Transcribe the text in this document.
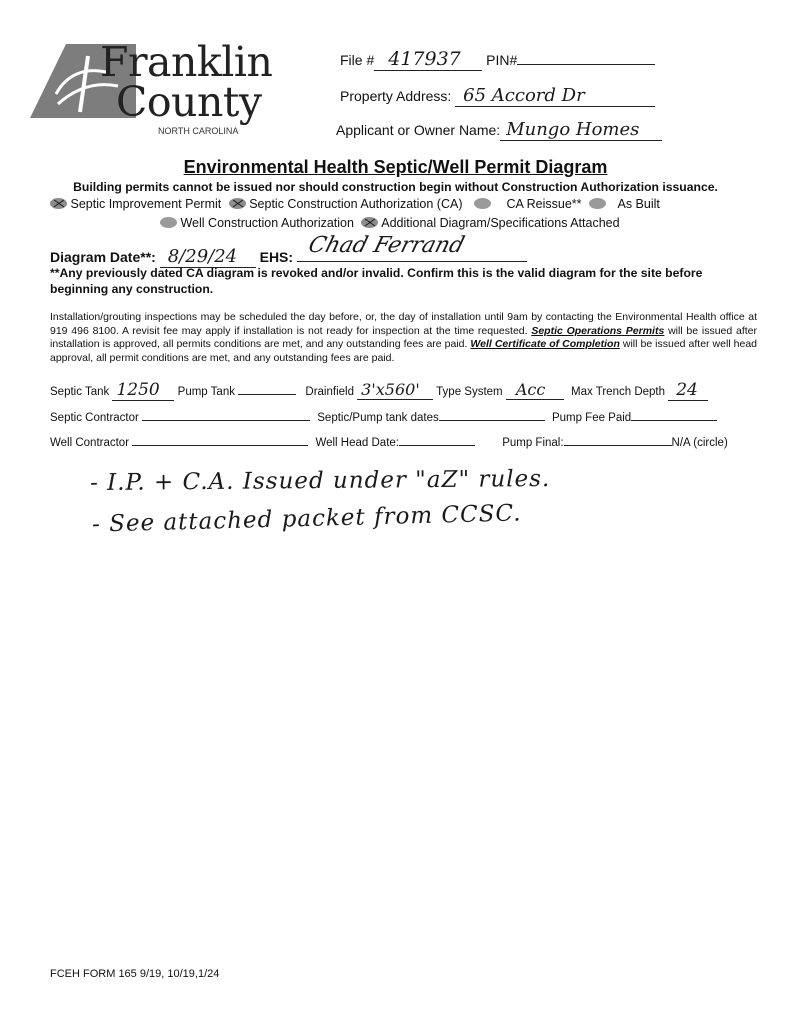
Franklin
County
NORTH CAROLINA
File # 417937 PIN#
Property Address: 65 Accord Dr
Applicant or Owner Name: Mungo Homes
Environmental Health Septic/Well Permit Diagram
Building permits cannot be issued nor should construction begin without Construction Authorization issuance.
Septic Improvement Permit Septic Construction Authorization (CA)	CA Reissue**	As Built
Well Construction Authorization Additional Diagram/Specifications Attached
Diagram Date**: 8/29/24 EHS: Chad Ferrand
**Any previously dated CA diagram is revoked and/or invalid. Confirm this is the valid diagram for the site before beginning any construction.
Installation/grouting inspections may be scheduled the day before, or, the day of installation until 9am by contacting the Environmental Health office at 919 496 8100. A revisit fee may apply if installation is not ready for inspection at the time requested. Septic Operations Permits will be issued after installation is approved, all permits conditions are met, and any outstanding fees are paid. Well Certificate of Completion will be issued after well head approval, all permit conditions are met, and any outstanding fees are paid.
Septic Tank 1250 Pump Tank	Drainfield 3'x560' Type System Acc Max Trench Depth 24
Septic Contractor	Septic/Pump tank dates	Pump Fee Paid
Well Contractor	Well Head Date:	Pump Final:	N/A (circle)
- I.P. + C.A. Issued under "aZ" rules.
- See attached packet from CCSC.
FCEH FORM 165 9/19, 10/19,1/24
